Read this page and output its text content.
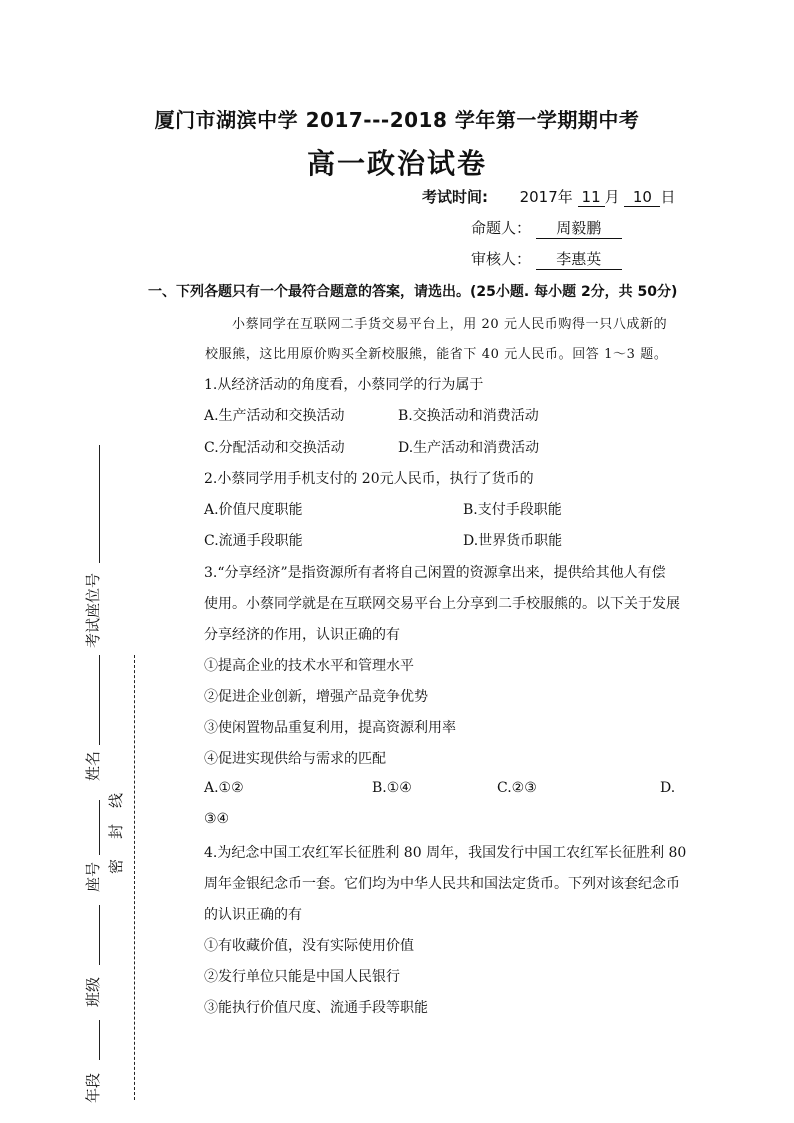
厦门市湖滨中学 2017---2018 学年第一学期期中考
高一政治试卷
考试时间: 2017年 11 月 10 日
命题人： 周毅鹏
审核人： 李惠英
一、下列各题只有一个最符合题意的答案，请选出。(25小题. 每小题 2分，共 50分)
小蔡同学在互联网二手货交易平台上，用 20 元人民币购得一只八成新的
校服熊，这比用原价购买全新校服熊，能省下 40 元人民币。回答 1～3 题。
1.从经济活动的角度看，小蔡同学的行为属于
A.生产活动和交换活动	B.交换活动和消费活动
C.分配活动和交换活动	D.生产活动和消费活动
2.小蔡同学用手机支付的 20元人民币，执行了货币的
A.价值尺度职能	B.支付手段职能
C.流通手段职能	D.世界货币职能
3.“分享经济”是指资源所有者将自己闲置的资源拿出来，提供给其他人有偿
使用。小蔡同学就是在互联网交易平台上分享到二手校服熊的。以下关于发展
分享经济的作用，认识正确的有
①提高企业的技术水平和管理水平
②促进企业创新，增强产品竞争优势
③使闲置物品重复利用，提高资源利用率
④促进实现供给与需求的匹配
A.①②	B.①④	C.②③	D.
③④
4.为纪念中国工农红军长征胜利 80 周年，我国发行中国工农红军长征胜利 80
周年金银纪念币一套。它们均为中华人民共和国法定货币。下列对该套纪念币
的认识正确的有
①有收藏价值，没有实际使用价值
②发行单位只能是中国人民银行
③能执行价值尺度、流通手段等职能
考试座位号
姓名
座号
班级
年段
线
封
密
